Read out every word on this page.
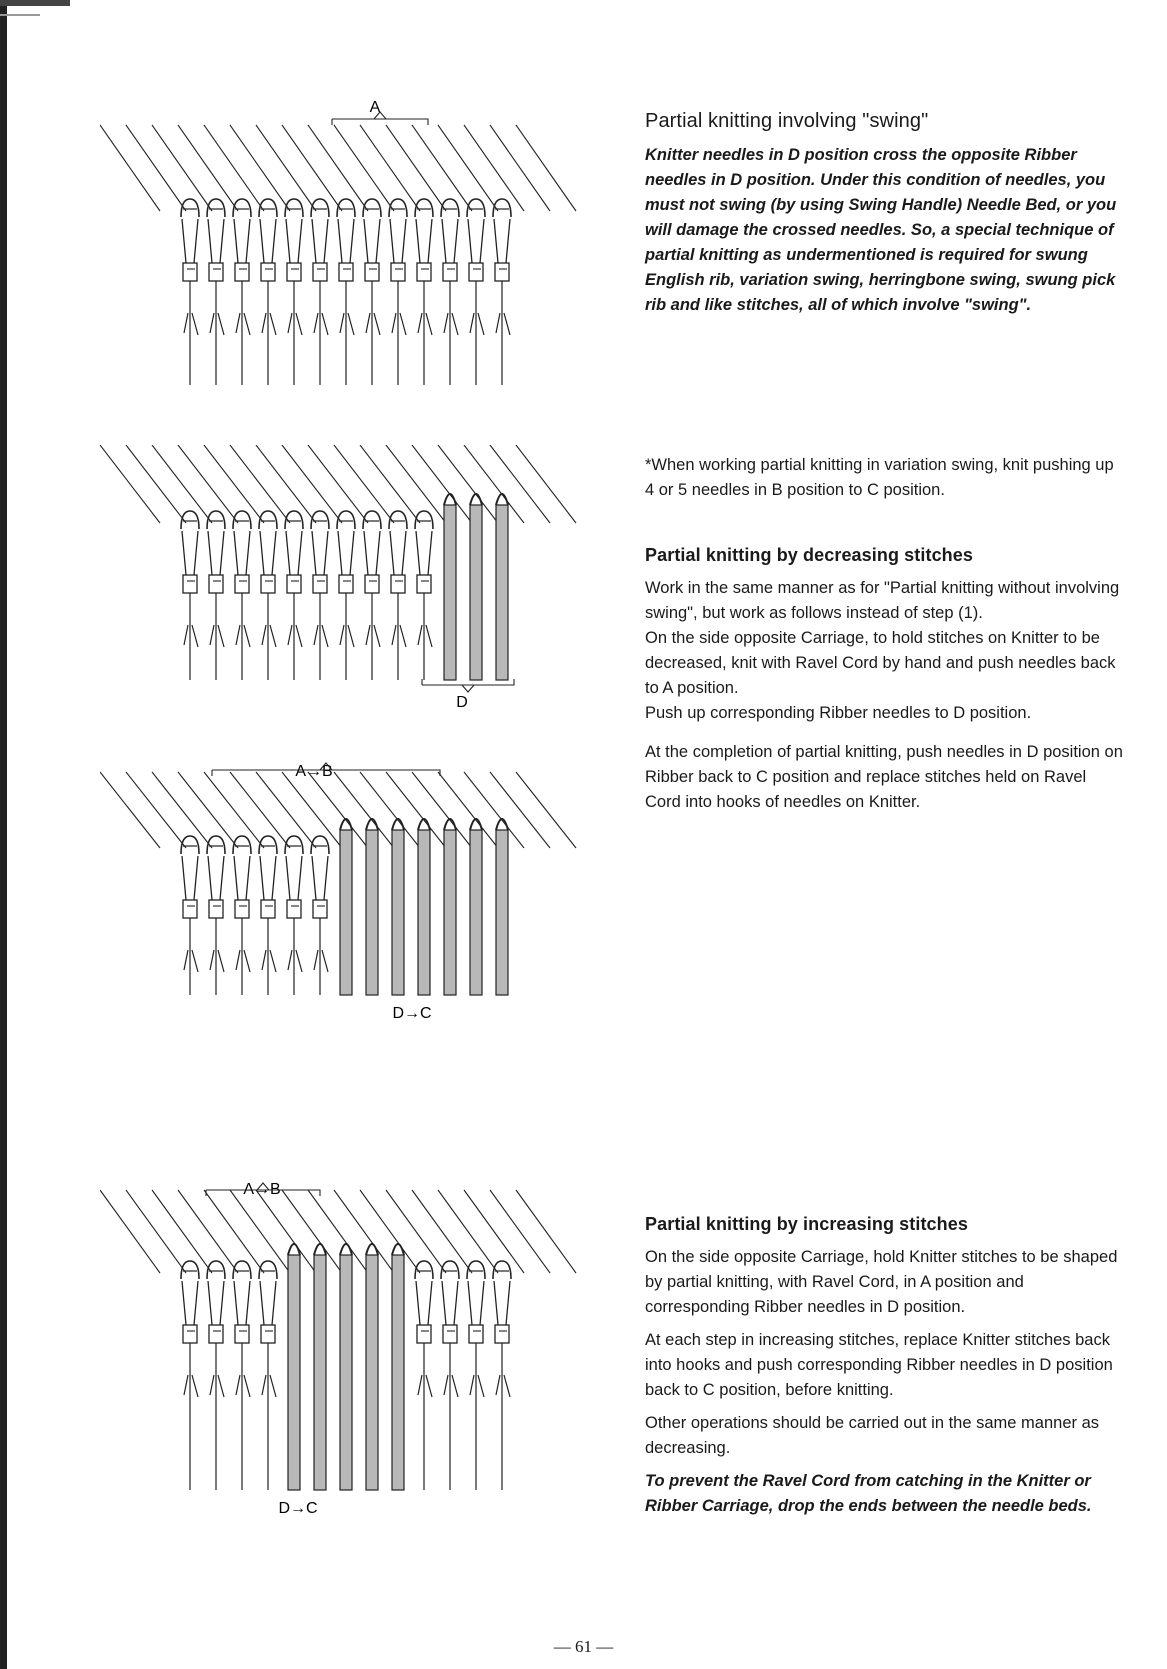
A
D
A→B
D→C
A→B
D→C

Partial knitting involving "swing"

Knitter needles in D position cross the opposite Ribber needles in D position. Under this condition of needles, you must not swing (by using Swing Handle) Needle Bed, or you will damage the crossed needles. So, a special technique of partial knitting as undermentioned is required for swung English rib, variation swing, herringbone swing, swung pick rib and like stitches, all of which involve "swing".

*When working partial knitting in variation swing, knit pushing up 4 or 5 needles in B position to C position.

Partial knitting by decreasing stitches

Work in the same manner as for "Partial knitting without involving swing", but work as follows instead of step (1).

On the side opposite Carriage, to hold stitches on Knitter to be decreased, knit with Ravel Cord by hand and push needles back to A position.

Push up corresponding Ribber needles to D position.

At the completion of partial knitting, push needles in D position on Ribber back to C position and replace stitches held on Ravel Cord into hooks of needles on Knitter.

Partial knitting by increasing stitches

On the side opposite Carriage, hold Knitter stitches to be shaped by partial knitting, with Ravel Cord, in A position and corresponding Ribber needles in D position.

At each step in increasing stitches, replace Knitter stitches back into hooks and push corresponding Ribber needles in D position back to C position, before knitting.

Other operations should be carried out in the same manner as decreasing.

To prevent the Ravel Cord from catching in the Knitter or Ribber Carriage, drop the ends between the needle beds.

— 61 —
